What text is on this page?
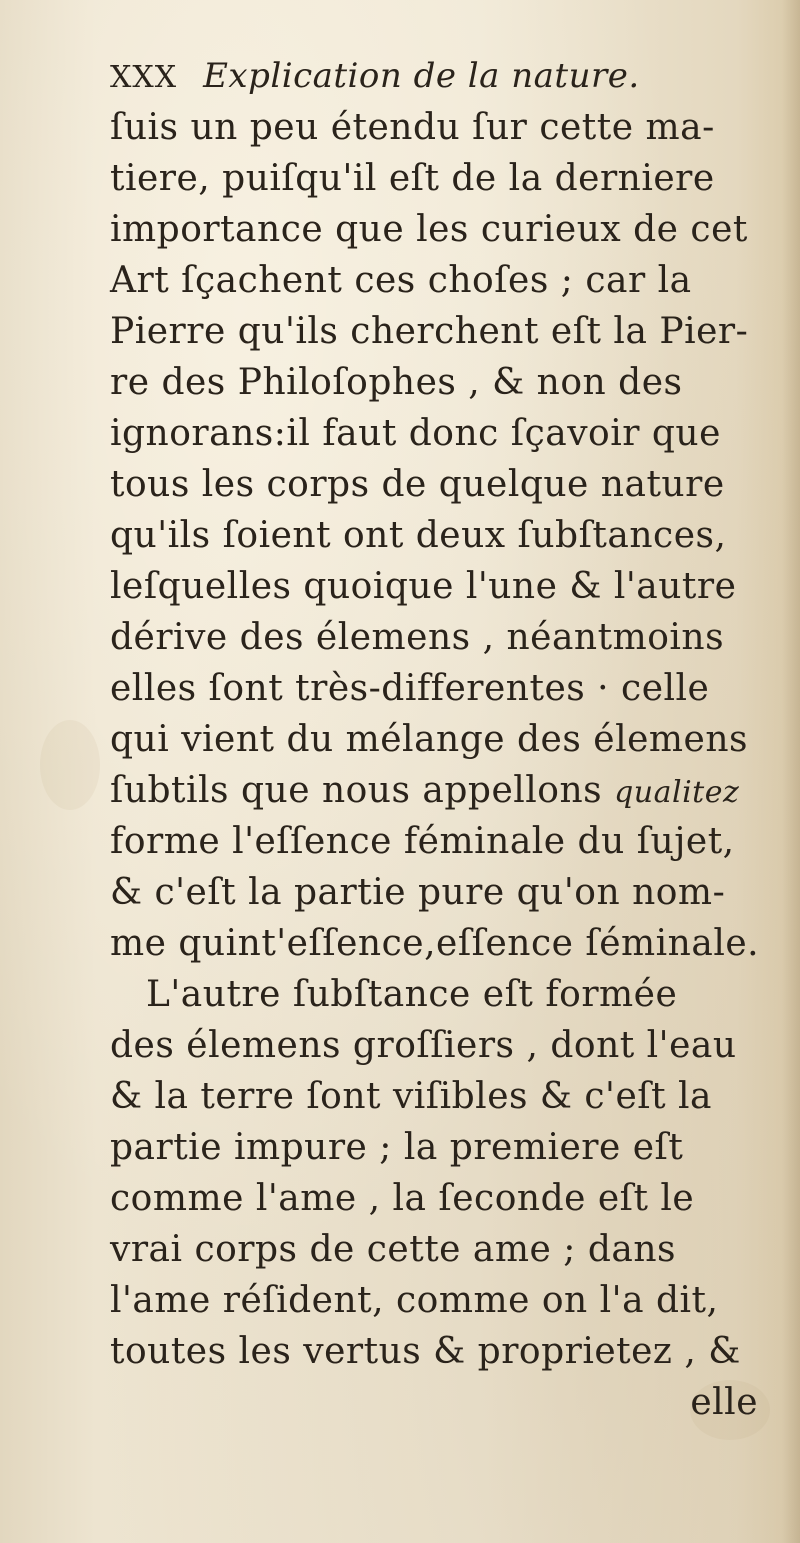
XXX Explication de la nature.
ſuis un peu étendu ſur cette ma-
tiere, puiſqu'il eſt de la derniere
importance que les curieux de cet
Art ſçachent ces choſes ; car la
Pierre qu'ils cherchent eſt la Pier-
re des Philoſophes , & non des
ignorans:il faut donc ſçavoir que
tous les corps de quelque nature
qu'ils ſoient ont deux ſubſtances,
leſquelles quoique l'une & l'autre
dérive des élemens , néantmoins
elles ſont très-differentes · celle
qui vient du mélange des élemens
ſubtils que nous appellons qualitez
forme l'eſſence féminale du ſujet,
& c'eſt la partie pure qu'on nom-
me quint'eſſence,eſſence ſéminale.
L'autre ſubſtance eſt formée
des élemens groſſiers , dont l'eau
& la terre ſont viſibles & c'eſt la
partie impure ; la premiere eſt
comme l'ame , la ſeconde eſt le
vrai corps de cette ame ; dans
l'ame réſident, comme on l'a dit,
toutes les vertus & proprietez , &
elle
